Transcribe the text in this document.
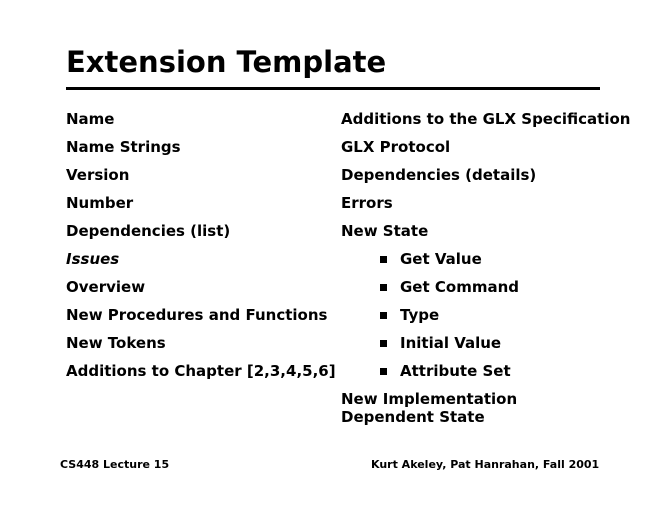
Extension Template
Name
Name Strings
Version
Number
Dependencies (list)
Issues
Overview
New Procedures and Functions
New Tokens
Additions to Chapter [2,3,4,5,6]
Additions to the GLX Specification
GLX Protocol
Dependencies (details)
Errors
New State
Get Value
Get Command
Type
Initial Value
Attribute Set
New Implementation Dependent State
CS448 Lecture 15	Kurt Akeley, Pat Hanrahan, Fall 2001
